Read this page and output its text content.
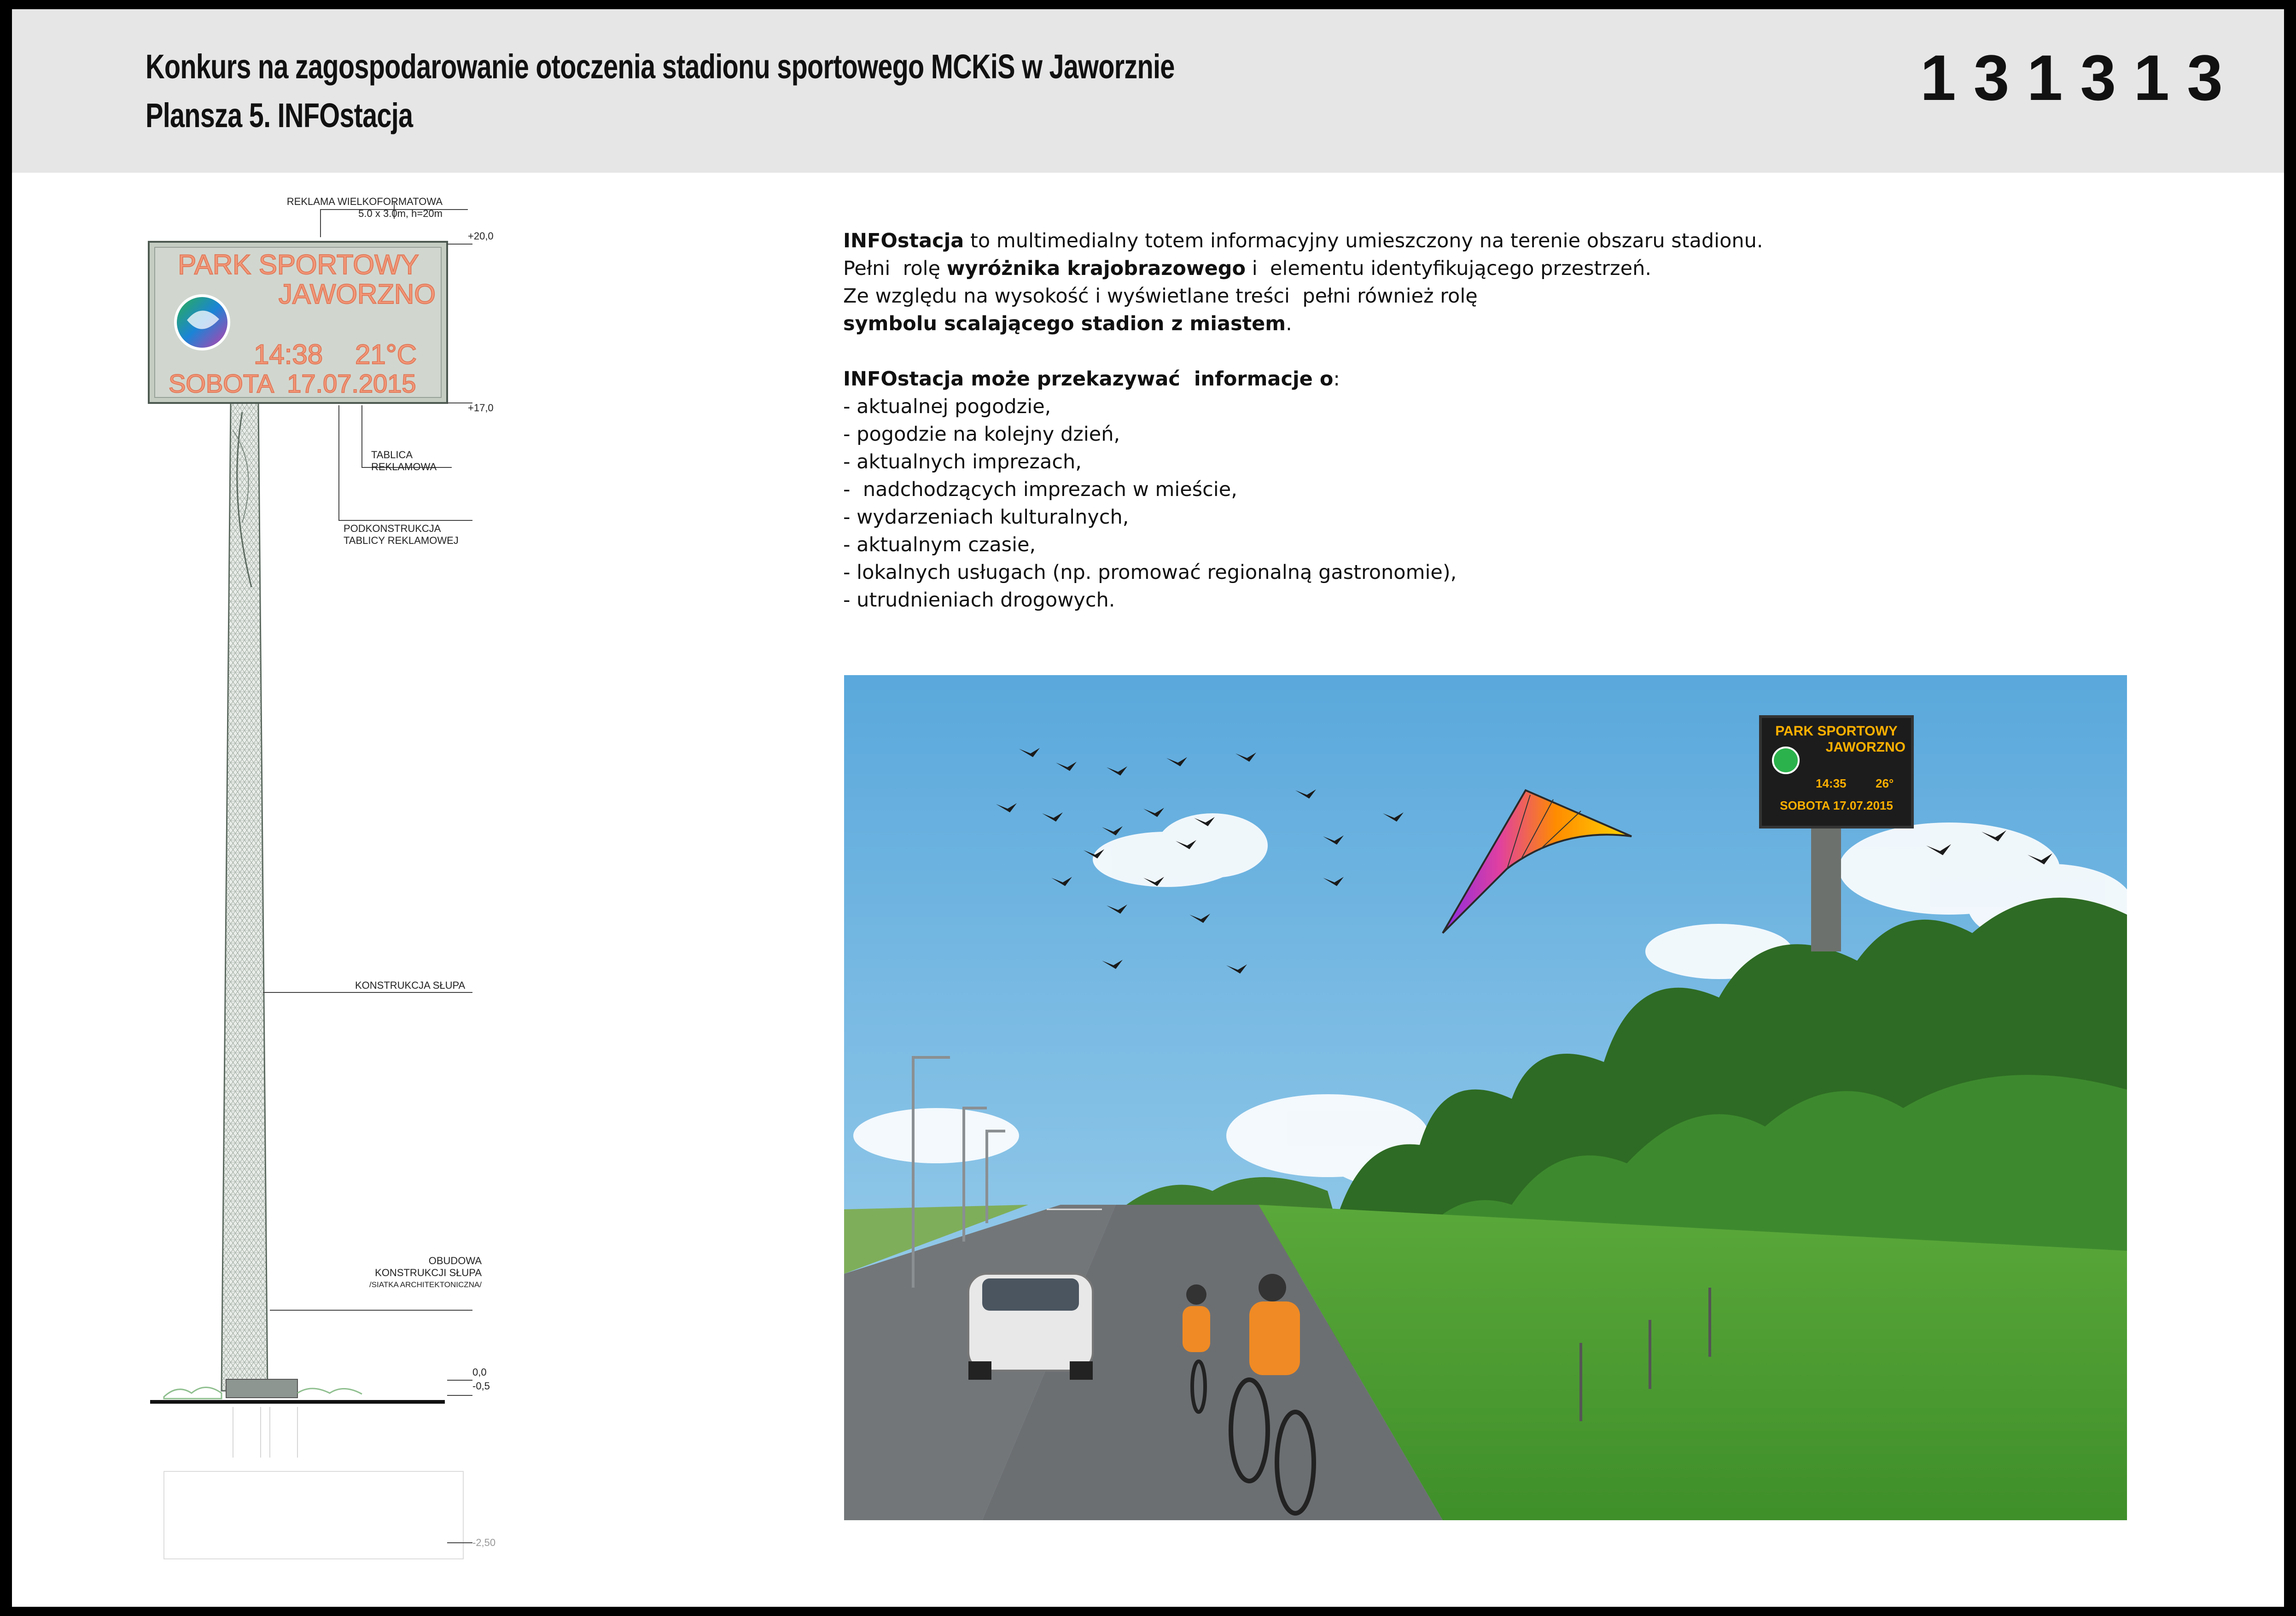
Konkurs na zagospodarowanie otoczenia stadionu sportowego MCKiS w Jaworznie
Plansza 5. INFOstacja
131313
PARK SPORTOWY
JAWORZNO
14:38 21°C
SOBOTA  17.07.2015
REKLAMA WIELKOFORMATOWA
5.0 x 3.0m, h=20m
TABLICA
REKLAMOWA
PODKONSTRUKCJA
TABLICY REKLAMOWEJ
KONSTRUKCJA SŁUPA
OBUDOWA
KONSTRUKCJI SŁUPA
/SIATKA ARCHITEKTONICZNA/
+20,0
+17,0
0,0
-0,5
-2,50

INFOstacja to multimedialny totem informacyjny umieszczony na terenie obszaru stadionu.

Pełni  rolę wyróżnika krajobrazowego i  elementu identyfikującego przestrzeń.

Ze względu na wysokość i wyświetlane treści  pełni również rolę

symbolu scalającego stadion z miastem.

INFOstacja może przekazywać  informacje o:

- aktualnej pogodzie,

- pogodzie na kolejny dzień,

- aktualnych imprezach,

-  nadchodzących imprezach w mieście,

- wydarzeniach kulturalnych,

- aktualnym czasie,

- lokalnych usługach (np. promować regionalną gastronomie),

- utrudnieniach drogowych.

PARK SPORTOWY
JAWORZNO
14:35 26°
SOBOTA 17.07.2015
